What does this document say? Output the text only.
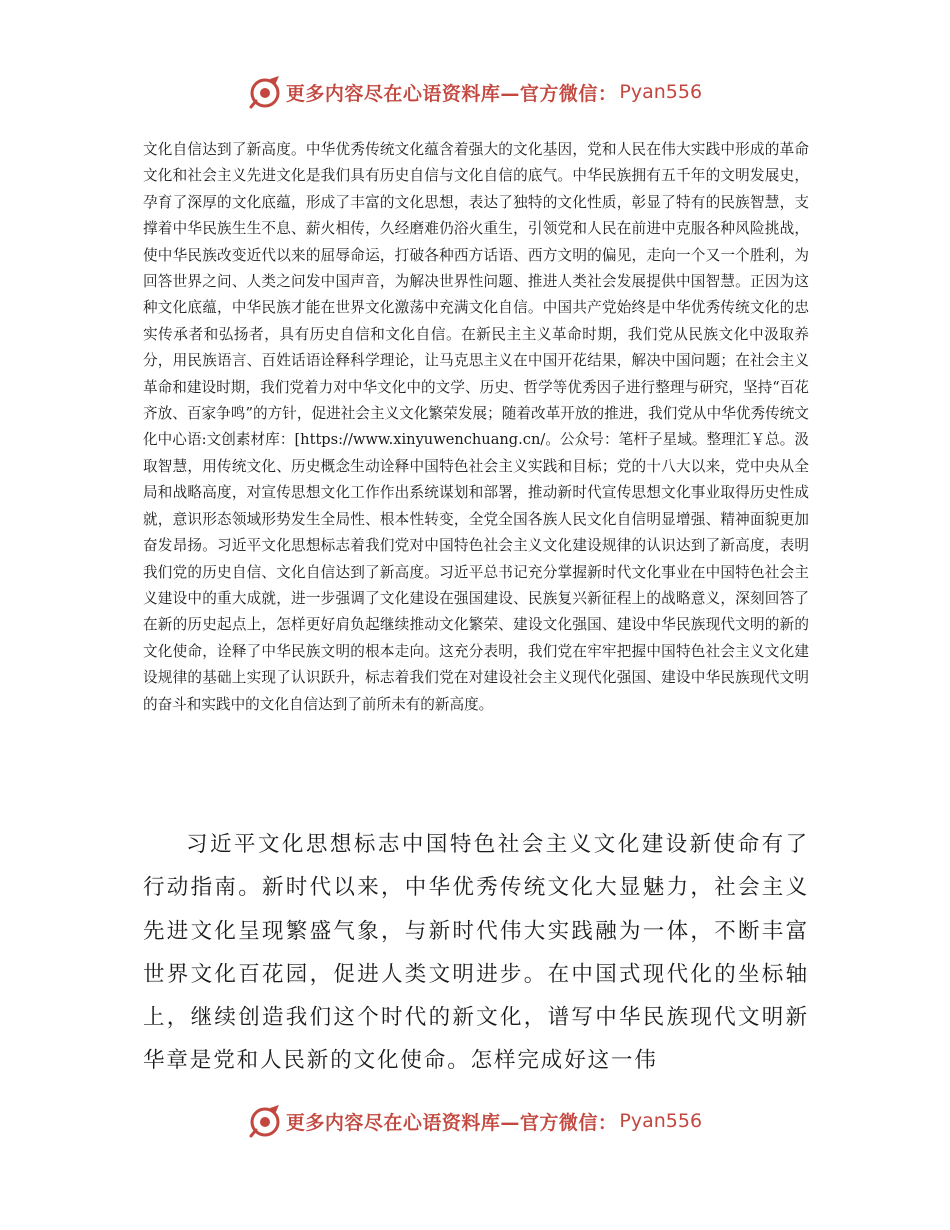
更多内容尽在心语资料库—官方微信： Pyan556

文化自信达到了新高度。中华优秀传统文化蕴含着强大的文化基因，党和人民在伟大实践中形成的革命文化和社会主义先进文化是我们具有历史自信与文化自信的底气。中华民族拥有五千年的文明发展史，孕育了深厚的文化底蕴，形成了丰富的文化思想，表达了独特的文化性质，彰显了特有的民族智慧，支撑着中华民族生生不息、薪火相传，久经磨难仍浴火重生，引领党和人民在前进中克服各种风险挑战，使中华民族改变近代以来的屈辱命运，打破各种西方话语、西方文明的偏见，走向一个又一个胜利，为回答世界之问、人类之问发中国声音，为解决世界性问题、推进人类社会发展提供中国智慧。正因为这种文化底蕴，中华民族才能在世界文化激荡中充满文化自信。中国共产党始终是中华优秀传统文化的忠实传承者和弘扬者，具有历史自信和文化自信。在新民主主义革命时期，我们党从民族文化中汲取养分，用民族语言、百姓话语诠释科学理论，让马克思主义在中国开花结果，解决中国问题；在社会主义革命和建设时期，我们党着力对中华文化中的文学、历史、哲学等优秀因子进行整理与研究，坚持“百花齐放、百家争鸣”的方针，促进社会主义文化繁荣发展；随着改革开放的推进，我们党从中华优秀传统文化中心语:文创素材库：[https://www.xinyuwenchuang.cn/。公众号：笔杆子星域。整理汇￥总。汲取智慧，用传统文化、历史概念生动诠释中国特色社会主义实践和目标；党的十八大以来，党中央从全局和战略高度，对宣传思想文化工作作出系统谋划和部署，推动新时代宣传思想文化事业取得历史性成就，意识形态领域形势发生全局性、根本性转变，全党全国各族人民文化自信明显增强、精神面貌更加奋发昂扬。习近平文化思想标志着我们党对中国特色社会主义文化建设规律的认识达到了新高度，表明我们党的历史自信、文化自信达到了新高度。习近平总书记充分掌握新时代文化事业在中国特色社会主义建设中的重大成就，进一步强调了文化建设在强国建设、民族复兴新征程上的战略意义，深刻回答了在新的历史起点上，怎样更好肩负起继续推动文化繁荣、建设文化强国、建设中华民族现代文明的新的文化使命，诠释了中华民族文明的根本走向。这充分表明，我们党在牢牢把握中国特色社会主义文化建设规律的基础上实现了认识跃升，标志着我们党在对建设社会主义现代化强国、建设中华民族现代文明的奋斗和实践中的文化自信达到了前所未有的新高度。

习近平文化思想标志中国特色社会主义文化建设新使命有了行动指南。新时代以来，中华优秀传统文化大显魅力，社会主义先进文化呈现繁盛气象，与新时代伟大实践融为一体，不断丰富世界文化百花园，促进人类文明进步。在中国式现代化的坐标轴上，继续创造我们这个时代的新文化，谱写中华民族现代文明新华章是党和人民新的文化使命。怎样完成好这一伟

更多内容尽在心语资料库—官方微信： Pyan556
